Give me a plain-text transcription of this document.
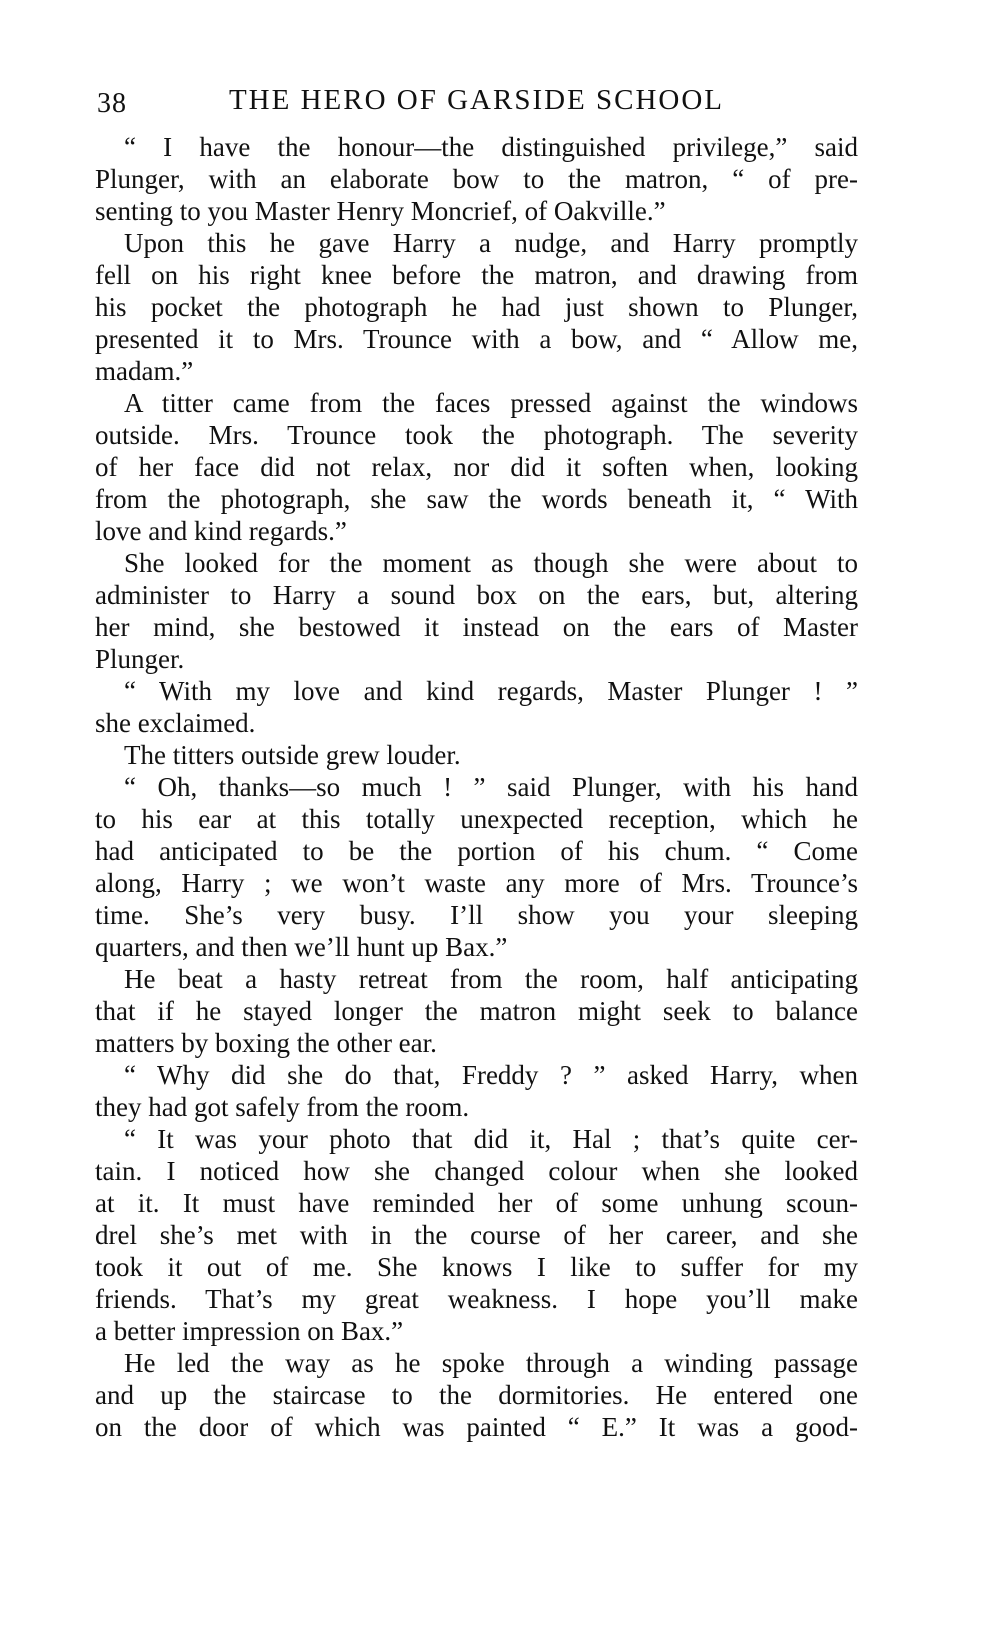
38	THE HERO OF GARSIDE SCHOOL

“ I have the honour—the distinguished privilege,” said
Plunger, with an elaborate bow to the matron, “ of pre-
senting to you Master Henry Moncrief, of Oakville.”

Upon this he gave Harry a nudge, and Harry promptly
fell on his right knee before the matron, and drawing from
his pocket the photograph he had just shown to Plunger,
presented it to Mrs. Trounce with a bow, and “ Allow me,
madam.”

A titter came from the faces pressed against the windows
outside. Mrs. Trounce took the photograph. The severity
of her face did not relax, nor did it soften when, looking
from the photograph, she saw the words beneath it, “ With
love and kind regards.”

She looked for the moment as though she were about to
administer to Harry a sound box on the ears, but, altering
her mind, she bestowed it instead on the ears of Master
Plunger.

“ With my love and kind regards, Master Plunger ! ”
she exclaimed.

The titters outside grew louder.

“ Oh, thanks—so much ! ” said Plunger, with his hand
to his ear at this totally unexpected reception, which he
had anticipated to be the portion of his chum. “ Come
along, Harry ; we won’t waste any more of Mrs. Trounce’s
time. She’s very busy. I’ll show you your sleeping
quarters, and then we’ll hunt up Bax.”

He beat a hasty retreat from the room, half anticipating
that if he stayed longer the matron might seek to balance
matters by boxing the other ear.

“ Why did she do that, Freddy ? ” asked Harry, when
they had got safely from the room.

“ It was your photo that did it, Hal ; that’s quite cer-
tain. I noticed how she changed colour when she looked
at it. It must have reminded her of some unhung scoun-
drel she’s met with in the course of her career, and she
took it out of me. She knows I like to suffer for my
friends. That’s my great weakness. I hope you’ll make
a better impression on Bax.”

He led the way as he spoke through a winding passage
and up the staircase to the dormitories. He entered one
on the door of which was painted “ E.” It was a good-
